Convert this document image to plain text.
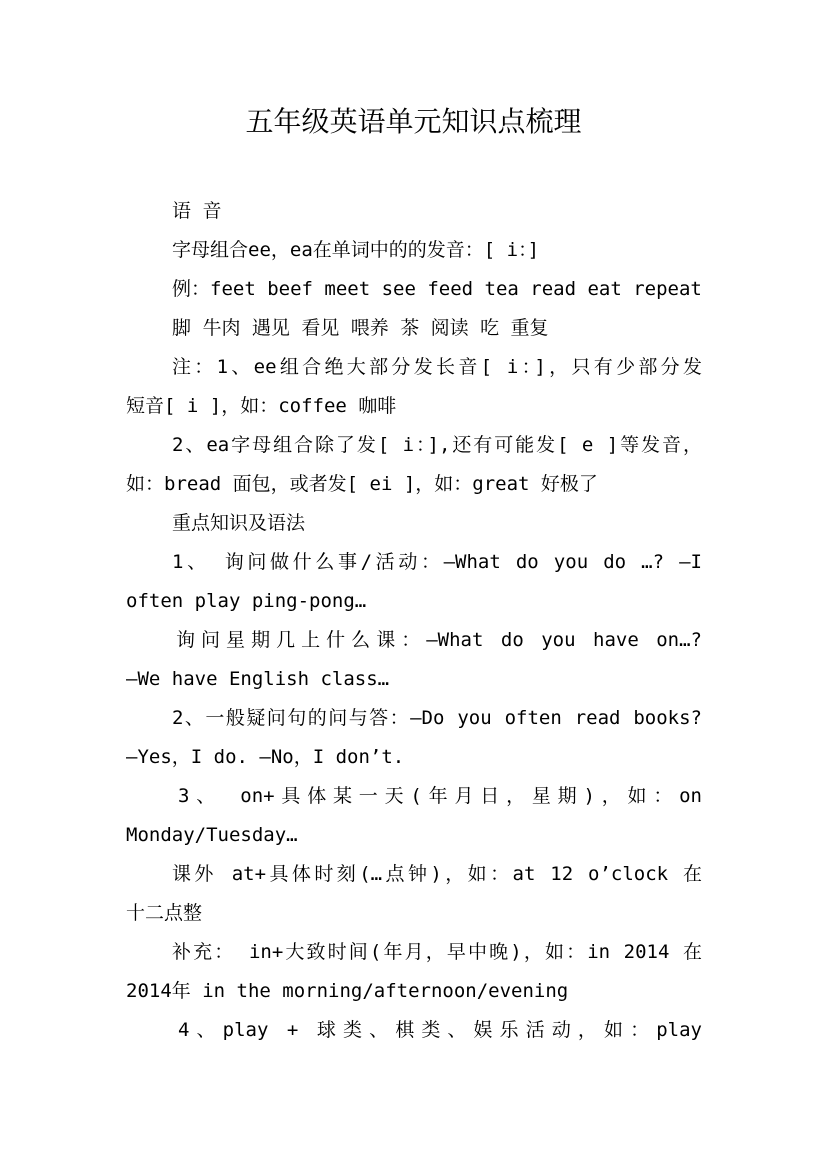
五年级英语单元知识点梳理
语 音
字母组合ee，ea在单词中的的发音：[ i：]
例：feet beef meet see feed tea read eat repeat
脚 牛肉 遇见 看见 喂养 茶 阅读 吃 重复
注：1、ee组合绝大部分发长音[ i：]，只有少部分发
短音[ i ]，如：coffee 咖啡
2、ea字母组合除了发[ i：],还有可能发[ e ]等发音，
如：bread 面包，或者发[ ei ]，如：great 好极了
重点知识及语法
1、 询问做什么事/活动：—What do you do …? —I
often play ping-pong…
询问星期几上什么课：—What do you have on…?
—We have English class…
2、一般疑问句的问与答：—Do you often read books?
—Yes，I do. —No，I don’t.
3、 on+具体某一天(年月日，星期)，如：on
Monday/Tuesday…
课外 at+具体时刻(…点钟)，如：at 12 o’clock 在
十二点整
补充： in+大致时间(年月，早中晚)，如：in 2014 在
2014年 in the morning/afternoon/evening
4、play + 球类、棋类、娱乐活动，如：play
